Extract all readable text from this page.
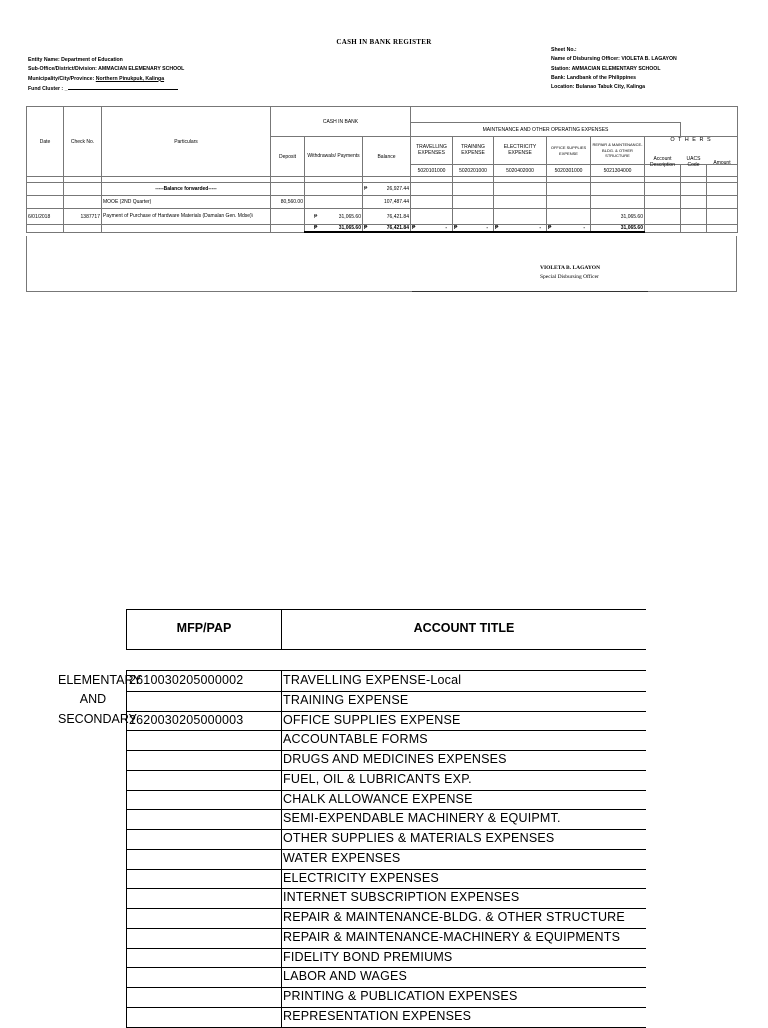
CASH IN BANK REGISTER
Entity Name: Department of Education
Sub-Office/District/Division: AMMACIAN ELEMENARY SCHOOL
Municipality/City/Province: Northern Pinukpuk, Kalinga
Fund Cluster : _
Sheet No.:
Name of Disbursing Officer: VIOLETA B. LAGAYON
Station: AMMACIAN ELEMENTARY SCHOOL
Bank: Landbank of the Philippines
Location: Bulanao Tabuk City, Kalinga
Date	Check No.	Particulars	CASH IN BANK										
						MAINTENANCE AND OTHER OPERATING EXPENSES							
			Deposit	Withdrawals/ Payments	Balance	TRAVELLING EXPENSES	TRAINING EXPENSE	ELECTRICITY EXPENSE	OFFICE SUPPLIES EXPENSE	REPAIR & MAINTENANCE-BLDG. & OTHER STRUCTURE	O T H E R S		
						5020101000	5020201000	5020402000	5020301000	5021304000	Account Description	UACS Code	Amount

		-----Balance forwarded-----			₱ 26,927.44								

		MOOE (2ND Quarter)	80,560.00		107,487.44								
6/01/2018	1387717	Payment of Purchase of Hardware Materials (Damalan Gen. Mdse)\		₱ 31,065.60	76,421.84					31,065.60			
				₱ 31,065.60	₱ 76,421.84	₱ -	₱ -	₱ -	₱ -	31,065.60			
VIOLETA B. LAGAYON
Special Disbursing Officer
MFP/PAP	ACCOUNT TITLE
ELEMENTARY
AND
SECONDARY
2610030205000002	TRAVELLING EXPENSE-Local
TRAINING EXPENSE
2620030205000003	OFFICE SUPPLIES EXPENSE
ACCOUNTABLE FORMS
DRUGS AND MEDICINES EXPENSES
FUEL, OIL & LUBRICANTS EXP.
CHALK ALLOWANCE EXPENSE
SEMI-EXPENDABLE MACHINERY & EQUIPMT.
OTHER SUPPLIES & MATERIALS EXPENSES
WATER EXPENSES
ELECTRICITY EXPENSES
INTERNET SUBSCRIPTION EXPENSES
REPAIR & MAINTENANCE-BLDG. & OTHER STRUCTURE
REPAIR & MAINTENANCE-MACHINERY & EQUIPMENTS
FIDELITY BOND PREMIUMS
LABOR AND WAGES
PRINTING & PUBLICATION EXPENSES
REPRESENTATION EXPENSES
